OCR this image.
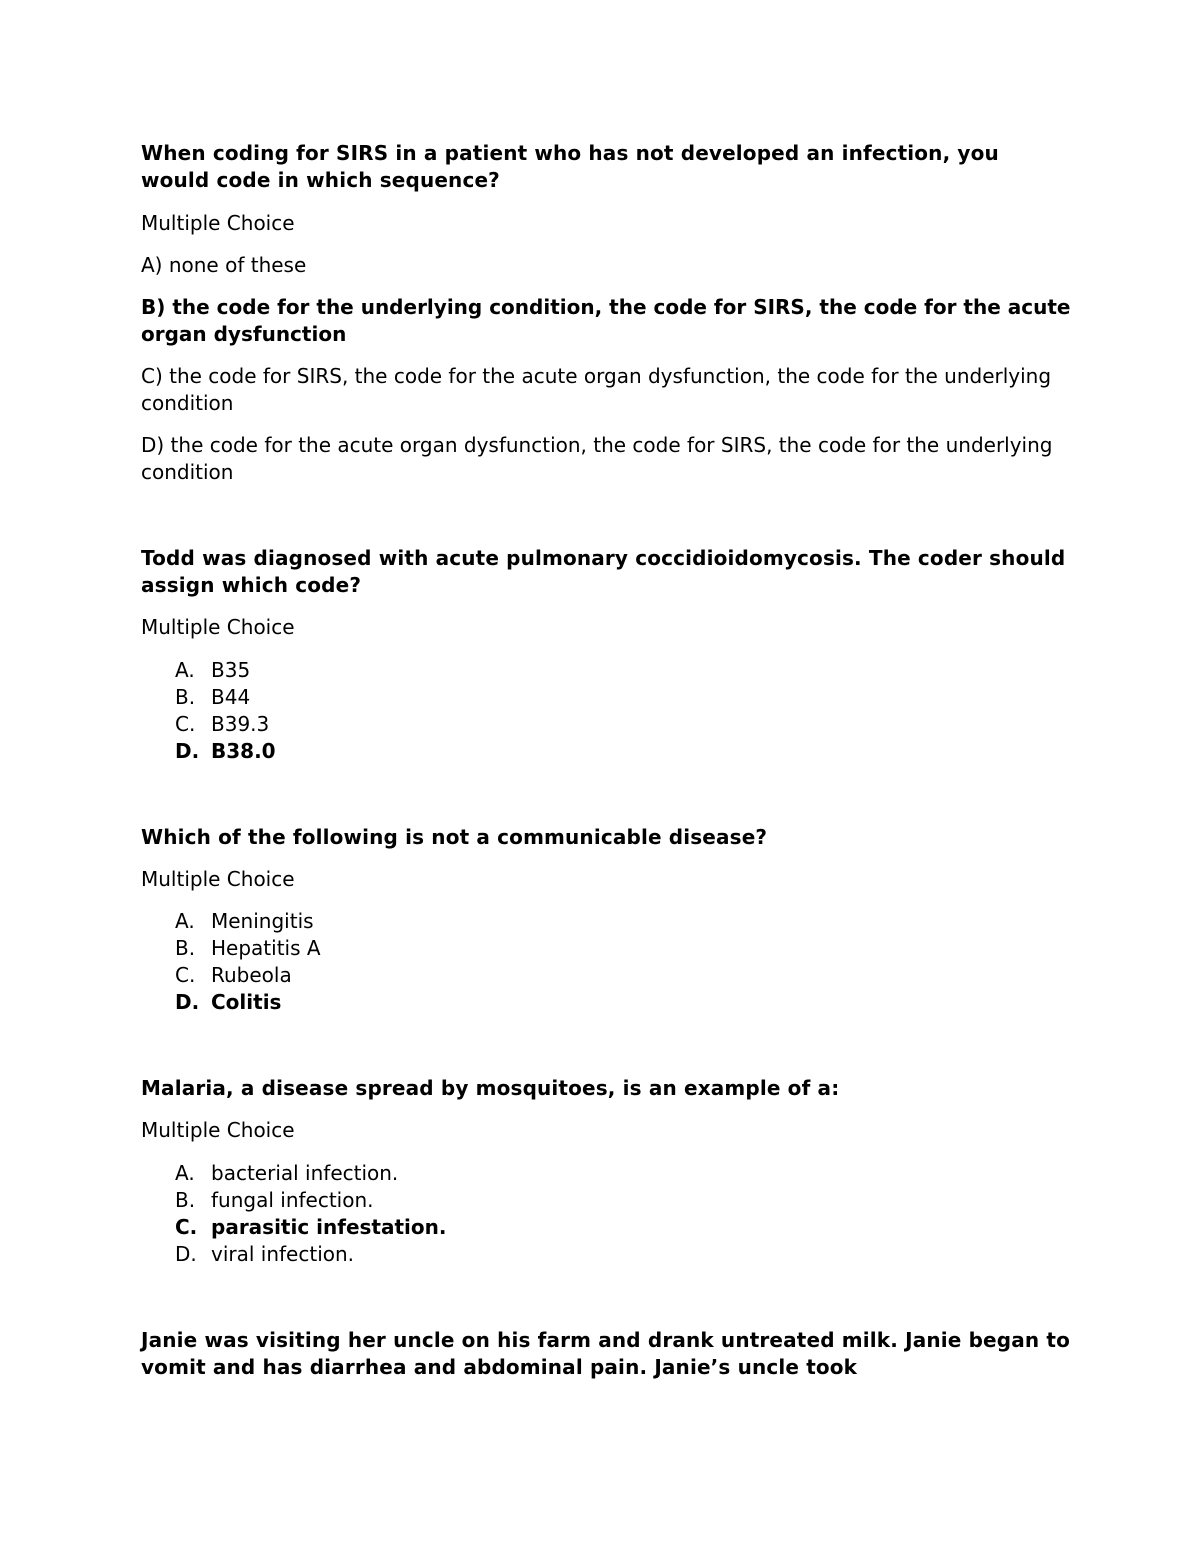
When coding for SIRS in a patient who has not developed an infection, you would code in which sequence?

Multiple Choice

A) none of these

B) the code for the underlying condition, the code for SIRS, the code for the acute organ dysfunction

C) the code for SIRS, the code for the acute organ dysfunction, the code for the underlying condition

D) the code for the acute organ dysfunction, the code for SIRS, the code for the underlying condition

Todd was diagnosed with acute pulmonary coccidioidomycosis. The coder should assign which code?

Multiple Choice

A. B35
B. B44
C. B39.3
D. B38.0

Which of the following is not a communicable disease?

Multiple Choice

A. Meningitis
B. Hepatitis A
C. Rubeola
D. Colitis

Malaria, a disease spread by mosquitoes, is an example of a:

Multiple Choice

A. bacterial infection.
B. fungal infection.
C. parasitic infestation.
D. viral infection.

Janie was visiting her uncle on his farm and drank untreated milk. Janie began to vomit and has diarrhea and abdominal pain. Janie’s uncle took
